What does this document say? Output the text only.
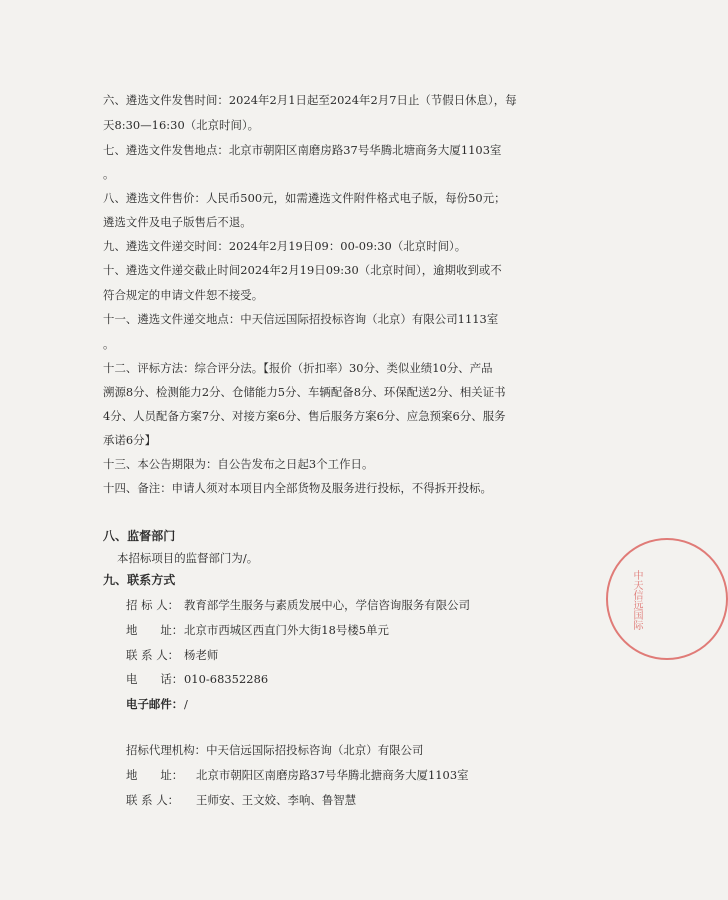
六、遴选文件发售时间：2024年2月1日起至2024年2月7日止（节假日休息），每
天8:30—16:30（北京时间）。
七、遴选文件发售地点：北京市朝阳区南磨房路37号华腾北塘商务大厦1103室
。
八、遴选文件售价：人民币500元，如需遴选文件附件格式电子版，每份50元；
遴选文件及电子版售后不退。
九、遴选文件递交时间：2024年2月19日09：00-09:30（北京时间）。
十、遴选文件递交截止时间2024年2月19日09:30（北京时间），逾期收到或不
符合规定的申请文件恕不接受。
十一、遴选文件递交地点：中天信远国际招投标咨询（北京）有限公司1113室
。
十二、评标方法：综合评分法。【报价（折扣率）30分、类似业绩10分、产品
溯源8分、检测能力2分、仓储能力5分、车辆配备8分、环保配送2分、相关证书
4分、人员配备方案7分、对接方案6分、售后服务方案6分、应急预案6分、服务
承诺6分】
十三、本公告期限为：自公告发布之日起3个工作日。
十四、备注：申请人须对本项目内全部货物及服务进行投标，不得拆开投标。
八、监督部门
本招标项目的监督部门为/。
九、联系方式
招 标 人： 教育部学生服务与素质发展中心，学信咨询服务有限公司
地　　址：北京市西城区西直门外大街18号楼5单元
联 系 人： 杨老师
电　　话：010-68352286
电子邮件：/
招标代理机构：中天信远国际招投标咨询（北京）有限公司
地　　址： 北京市朝阳区南磨房路37号华腾北搪商务大厦1103室
联 系 人： 王师安、王文姣、李响、鲁智慧
中天信远国际
